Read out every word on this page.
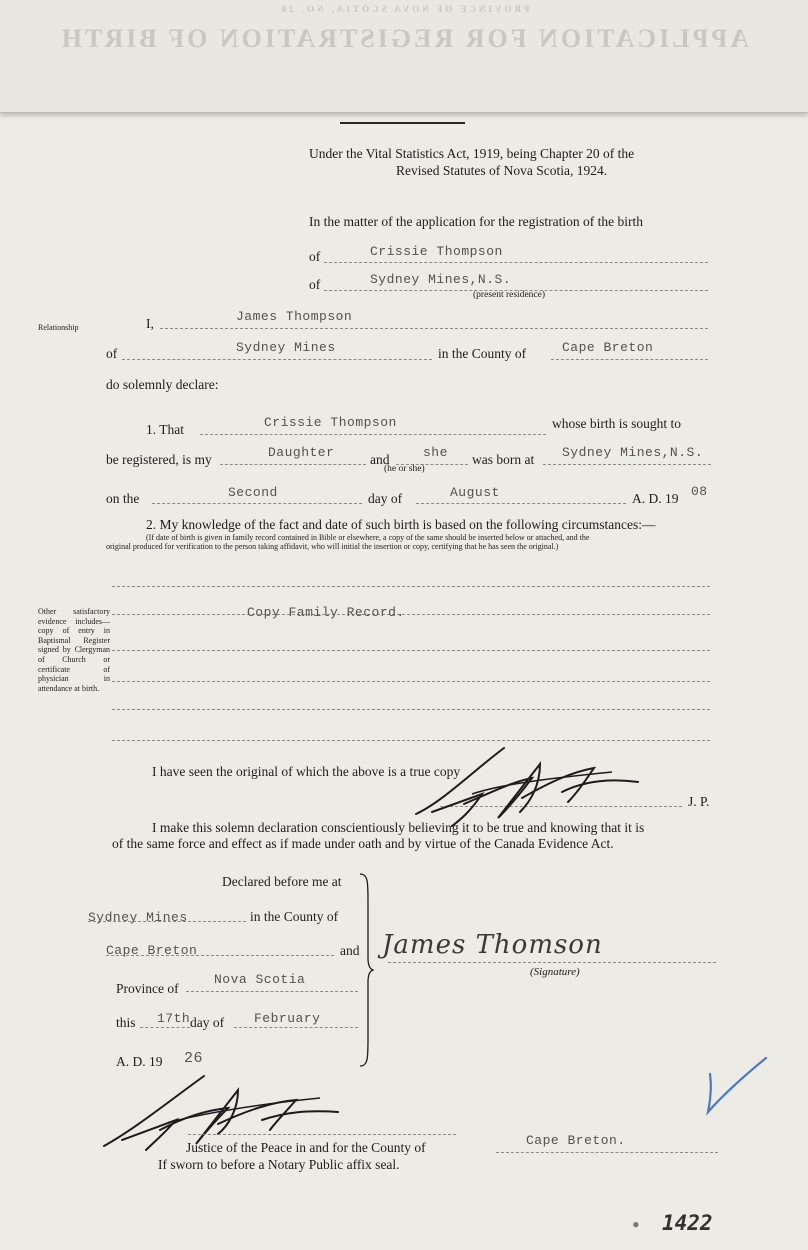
PROVINCE OF NOVA SCOTIA, NO. 20
APPLICATION FOR REGISTRATION OF BIRTH
Under the Vital Statistics Act, 1919, being Chapter 20 of the
Revised Statutes of Nova Scotia, 1924.
In the matter of the application for the registration of the birth
of	Crissie Thompson
of	Sydney Mines,N.S.
(present residence)
Relationship	I,	James Thompson
of	Sydney Mines	in the County of	Cape Breton
do solemnly declare:
1. That	Crissie Thompson	whose birth is sought to
be registered, is my	Daughter	and	she
(he or she)
was born at Sydney Mines,N.S.
on the	Second	day of	August	A. D. 19 08
2. My knowledge of the fact and date of such birth is based on the following circumstances:—
(If date of birth is given in family record contained in Bible or elsewhere, a copy of the same should be inserted below or attached, and the
original produced for verification to the person taking affidavit, who will initial the insertion or copy, certifying that he has seen the original.)
Copy Family Record.
Other satisfactory evidence includes—copy of entry in Baptismal Register signed by Clergyman of Church or certificate of physician in attendance at birth.
I have seen the original of which the above is a true copy
J. P.
I make this solemn declaration conscientiously believing it to be true and knowing that it is
of the same force and effect as if made under oath and by virtue of the Canada Evidence Act.
Declared before me at
Sydney Mines	in the County of
Cape Breton	and
Province of
Nova Scotia
this 17th day of February
A. D. 19 26
James Thomson
(Signature)
Justice of the Peace in and for the County of	Cape Breton.
If sworn to before a Notary Public affix seal.
• 1422
